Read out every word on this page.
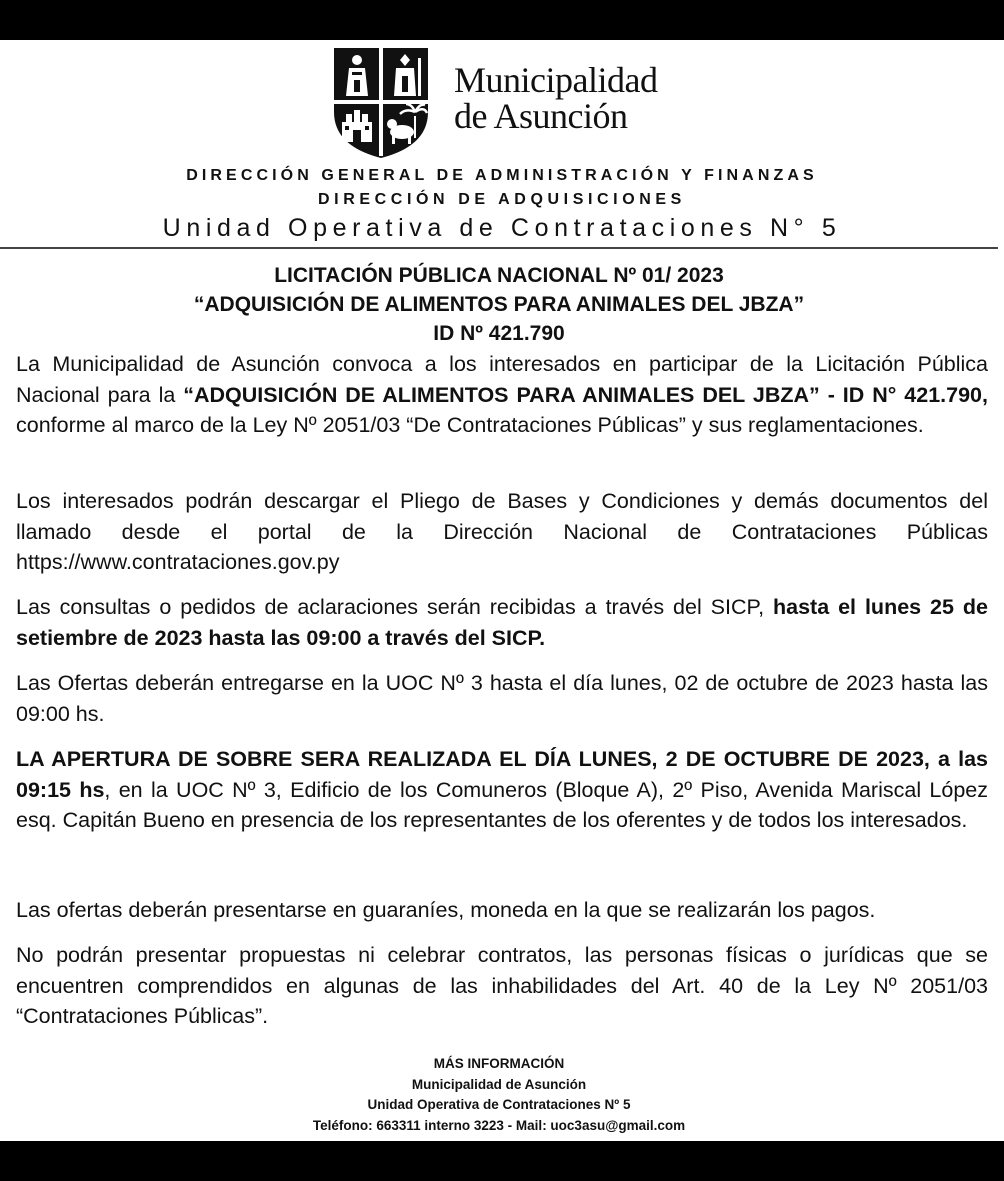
Municipalidad
de Asunción
DIRECCIÓN GENERAL DE ADMINISTRACIÓN Y FINANZAS
DIRECCIÓN DE ADQUISICIONES
Unidad Operativa de Contrataciones N° 5
LICITACIÓN PÚBLICA NACIONAL Nº 01/ 2023
“ADQUISICIÓN DE ALIMENTOS PARA ANIMALES DEL JBZA”
ID Nº 421.790
La Municipalidad de Asunción convoca a los interesados en participar de la Licitación Pública Nacional para la “ADQUISICIÓN DE ALIMENTOS PARA ANIMALES DEL JBZA” - ID N° 421.790, conforme al marco de la Ley Nº 2051/03 “De Contrataciones Públicas” y sus reglamentaciones.
Los interesados podrán descargar el Pliego de Bases y Condiciones y demás documentos del llamado desde el portal de la Dirección Nacional de Contrataciones Públicas https://www.contrataciones.gov.py
Las consultas o pedidos de aclaraciones serán recibidas a través del SICP, hasta el lunes 25 de setiembre de 2023 hasta las 09:00 a través del SICP.
Las Ofertas deberán entregarse en la UOC Nº 3 hasta el día lunes, 02 de octubre de 2023 hasta las 09:00 hs.
LA APERTURA DE SOBRE SERA REALIZADA EL DÍA LUNES, 2 DE OCTUBRE DE 2023, a las 09:15 hs, en la UOC Nº 3, Edificio de los Comuneros (Bloque A), 2º Piso, Avenida Mariscal López esq. Capitán Bueno en presencia de los representantes de los oferentes y de todos los interesados.
Las ofertas deberán presentarse en guaraníes, moneda en la que se realizarán los pagos.
No podrán presentar propuestas ni celebrar contratos, las personas físicas o jurídicas que se encuentren comprendidos en algunas de las inhabilidades del Art. 40 de la Ley Nº 2051/03 “Contrataciones Públicas”.
MÁS INFORMACIÓN
Municipalidad de Asunción
Unidad Operativa de Contrataciones Nº 5
Teléfono: 663311 interno 3223 - Mail: uoc3asu@gmail.com
